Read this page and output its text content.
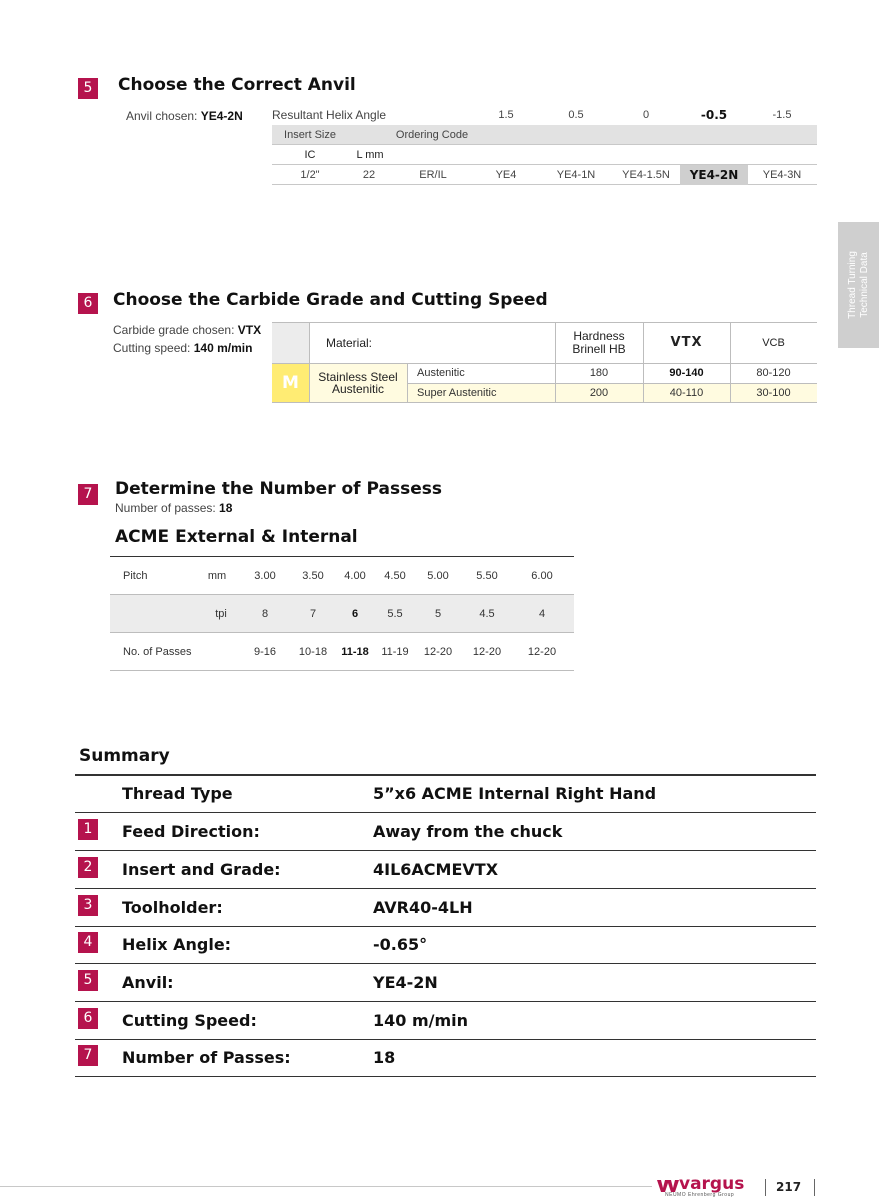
Thread Turning Technical Data
5	Choose the Correct Anvil
Anvil chosen: YE4-2N Resultant Helix Angle	1.5	0.5	0	-0.5	-1.5
Insert Size	Ordering Code
IC	L mm
1/2"	22	ER/IL	YE4	YE4-1N	YE4-1.5N	YE4-2N	YE4-3N
6	Choose the Carbide Grade and Cutting Speed
Carbide grade chosen: VTX
Cutting speed: 140 m/min	Material:	Hardness
Brinell HB	VTX	VCB
M	Stainless Steel
Austenitic
Austenitic	180	90-140	80-120
Super Austenitic	200	40-110	30-100
7	Determine the Number of Passess
Number of passes: 18
ACME External & Internal
Pitch	mm	3.00	3.50	4.00	4.50	5.00	5.50	6.00
tpi	8	7	6	5.5	5	4.5	4
No. of Passes	9-16	10-18	11-18	11-19	12-20	12-20	12-20
Summary
Thread Type	5”x6 ACME Internal Right Hand
1	Feed Direction:	Away from the chuck
2	Insert and Grade:	4IL6ACMEVTX
3	Toolholder:	AVR40-4LH
4	Helix Angle:	-0.65°
5	Anvil:	YE4-2N
6	Cutting Speed:	140 m/min
7	Number of Passes:	18
vargus
NEUMO Ehrenberg Group
217
